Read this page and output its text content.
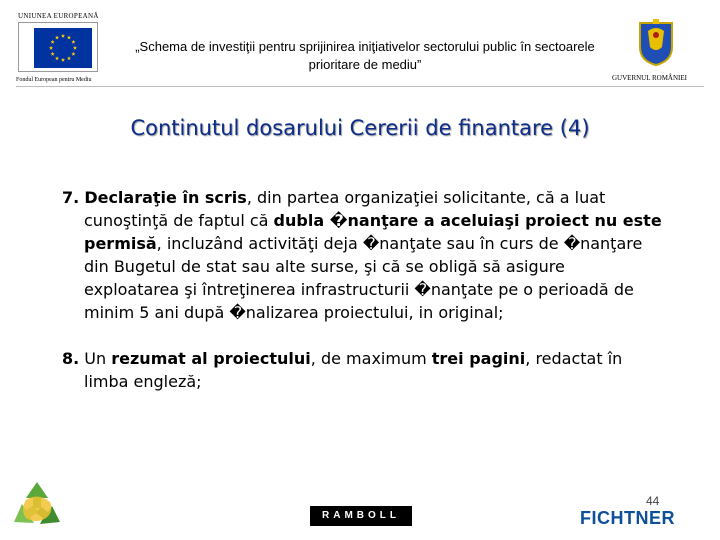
UNIUNEA EUROPEANĂ
Fondul European pentru Mediu
„Schema de investiţii pentru sprijinirea iniţiativelor sectorului public în sectoarele prioritare de mediu”
GUVERNUL ROMÂNIEI
Continutul dosarului Cererii de finantare (4)

7. Declaraţie în scris, din partea organizaţiei solicitante, că a luat cunoştinţă de faptul că dubla �nanţare a aceluiaşi proiect nu este permisă, incluzând activităţi deja �nanţate sau în curs de �nanţare din Bugetul de stat sau alte surse, şi că se obligă să asigure exploatarea şi întreţinerea infrastructurii �nanţate pe o perioadă de minim 5 ani după �nalizarea proiectului, in original;

8. Un rezumat al proiectului, de maximum trei pagini, redactat în limba engleză;

RAMBOLL
44
FICHTNER
